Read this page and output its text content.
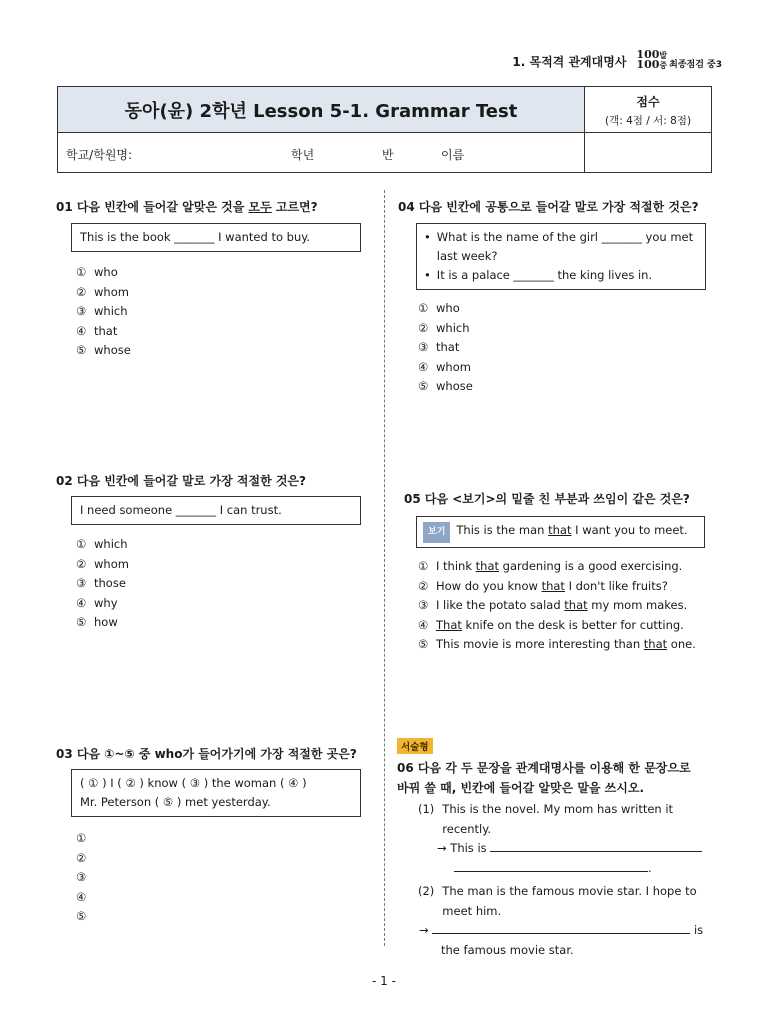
1. 목적격 관계대명사
100발
100중 최종점검 중3
동아(윤) 2학년 Lesson 5-1. Grammar Test	점수
(객: 4점 / 서: 8점)
학교/학원명:	학년	반	이름
01 다음 빈칸에 들어갈 알맞은 것을 모두 고르면?
This is the book _______ I wanted to buy.
① who
② whom
③ which
④ that
⑤ whose
02 다음 빈칸에 들어갈 말로 가장 적절한 것은?
I need someone _______ I can trust.
① which
② whom
③ those
④ why
⑤ how
03 다음 ①~⑤ 중 who가 들어가기에 가장 적절한 곳은?
( ① ) I ( ② ) know ( ③ ) the woman ( ④ )
Mr. Peterson ( ⑤ ) met yesterday.
①
②
③
④
⑤
04 다음 빈칸에 공통으로 들어갈 말로 가장 적절한 것은?
• What is the name of the girl _______ you met
last week?
• It is a palace _______ the king lives in.
① who
② which
③ that
④ whom
⑤ whose
05 다음 <보기>의 밑줄 친 부분과 쓰임이 같은 것은?
보기 This is the man that I want you to meet.
① I think that gardening is a good exercising.
② How do you know that I don't like fruits?
③ I like the potato salad that my mom makes.
④ That knife on the desk is better for cutting.
⑤ This movie is more interesting than that one.
서술형
06 다음 각 두 문장을 관계대명사를 이용해 한 문장으로
바꿔 쓸 때, 빈칸에 들어갈 알맞은 말을 쓰시오.
(1) This is the novel. My mom has written it
recently.
→ This is
.
(2) The man is the famous movie star. I hope to
meet him.
→	is
the famous movie star.
- 1 -
